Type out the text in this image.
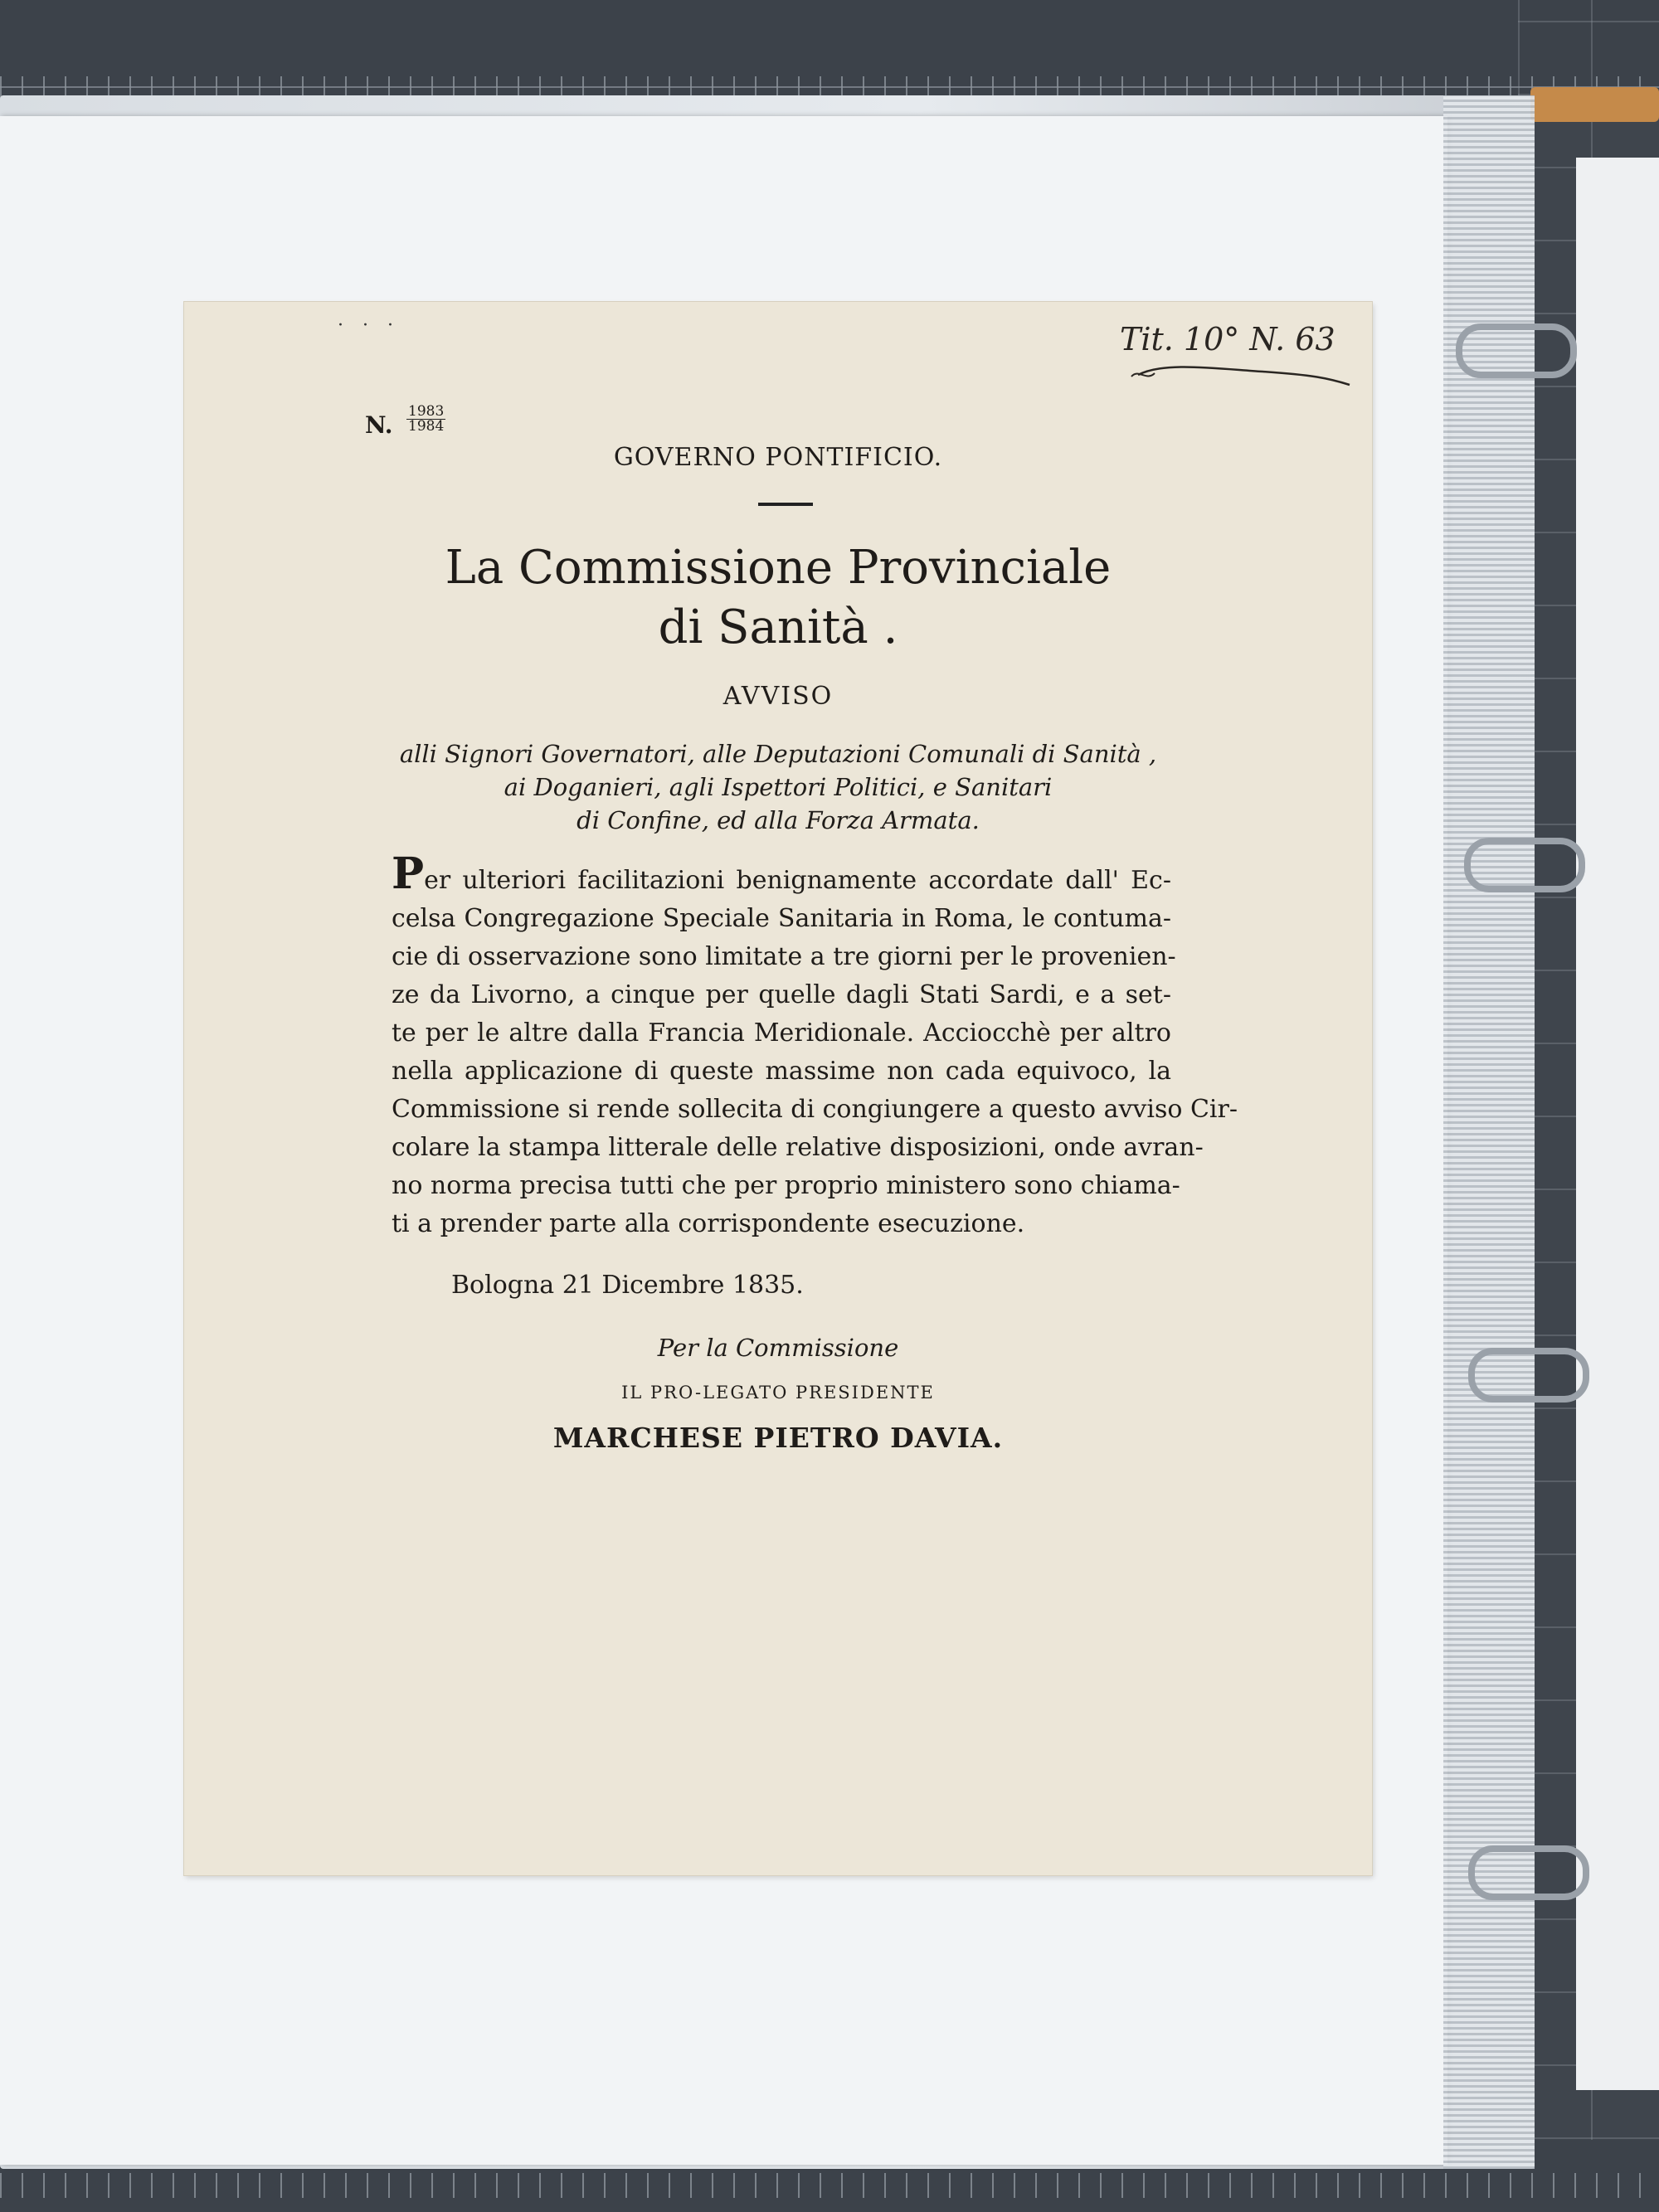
· · ·	Tit. 10° N. 63
N. $\frac{1983}{1984}$
GOVERNO PONTIFICIO.
La Commissione Provinciale
di Sanità .
AVVISO
alli Signori Governatori, alle Deputazioni Comunali di Sanità ,
ai Doganieri, agli Ispettori Politici, e Sanitari
di Confine, ed alla Forza Armata.
Per ulteriori facilitazioni benignamente accordate dall' Ec-
celsa Congregazione Speciale Sanitaria in Roma, le contuma-
cie di osservazione sono limitate a tre giorni per le provenien-
ze da Livorno, a cinque per quelle dagli Stati Sardi, e a set-
te per le altre dalla Francia Meridionale. Acciocchè per altro
nella applicazione di queste massime non cada equivoco, la
Commissione si rende sollecita di congiungere a questo avviso Cir-
colare la stampa litterale delle relative disposizioni, onde avran-
no norma precisa tutti che per proprio ministero sono chiama-
ti a prender parte alla corrispondente esecuzione.
Bologna 21 Dicembre 1835.
Per la Commissione
IL PRO-LEGATO PRESIDENTE
MARCHESE PIETRO DAVIA.
